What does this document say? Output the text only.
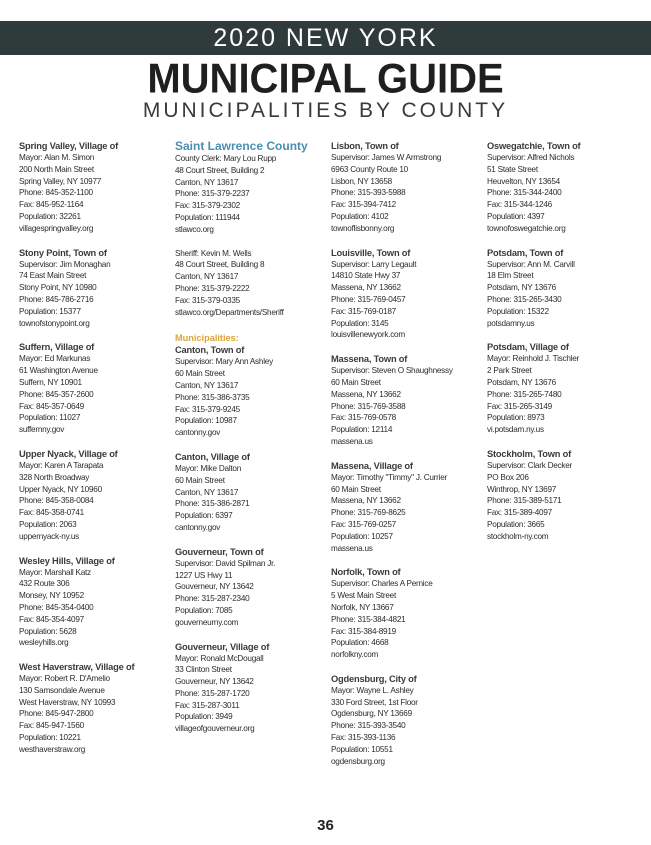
2020 NEW YORK
MUNICIPAL GUIDE
MUNICIPALITIES BY COUNTY
Spring Valley, Village of
Mayor: Alan M. Simon
200 North Main Street
Spring Valley, NY 10977
Phone: 845-352-1100
Fax: 845-952-1164
Population: 32261
villagespringvalley.org
Stony Point, Town of
Supervisor: Jim Monaghan
74 East Main Street
Stony Point, NY 10980
Phone: 845-786-2716
Population: 15377
townofstonypoint.org
Suffern, Village of
Mayor: Ed Markunas
61 Washington Avenue
Suffern, NY 10901
Phone: 845-357-2600
Fax: 845-357-0649
Population: 11027
suffernny.gov
Upper Nyack, Village of
Mayor: Karen A Tarapata
328 North Broadway
Upper Nyack, NY 10960
Phone: 845-358-0084
Fax: 845-358-0741
Population: 2063
uppernyack-ny.us
Wesley Hills, Village of
Mayor: Marshall Katz
432 Route 306
Monsey, NY 10952
Phone: 845-354-0400
Fax: 845-354-4097
Population: 5628
wesleyhills.org
West Haverstraw, Village of
Mayor: Robert R. D'Amelio
130 Samsondale Avenue
West Haverstraw, NY 10993
Phone: 845-947-2800
Fax: 845-947-1560
Population: 10221
westhaverstraw.org
Saint Lawrence County
County Clerk: Mary Lou Rupp
48 Court Street, Building 2
Canton, NY 13617
Phone: 315-379-2237
Fax: 315-379-2302
Population: 111944
stlawco.org
Sheriff: Kevin M. Wells
48 Court Street, Building 8
Canton, NY 13617
Phone: 315-379-2222
Fax: 315-379-0335
stlawco.org/Departments/Sheriff
Municipalities:
Canton, Town of
Supervisor: Mary Ann Ashley
60 Main Street
Canton, NY 13617
Phone: 315-386-3735
Fax: 315-379-9245
Population: 10987
cantonny.gov
Canton, Village of
Mayor: Mike Dalton
60 Main Street
Canton, NY 13617
Phone: 315-386-2871
Population: 6397
cantonny.gov
Gouverneur, Town of
Supervisor: David Spilman Jr.
1227 US Hwy 11
Gouverneur, NY 13642
Phone: 315-287-2340
Population: 7085
gouverneurny.com
Gouverneur, Village of
Mayor: Ronald McDougall
33 Clinton Street
Gouverneur, NY 13642
Phone: 315-287-1720
Fax: 315-287-3011
Population: 3949
villageofgouverneur.org
Lisbon, Town of
Supervisor: James W Armstrong
6963 County Route 10
Lisbon, NY 13658
Phone: 315-393-5988
Fax: 315-394-7412
Population: 4102
townoflisbonny.org
Louisville, Town of
Supervisor: Larry Legault
14810 State Hwy 37
Massena, NY 13662
Phone: 315-769-0457
Fax: 315-769-0187
Population: 3145
louisvillenewyork.com
Massena, Town of
Supervisor: Steven O Shaughnessy
60 Main Street
Massena, NY 13662
Phone: 315-769-3588
Fax: 315-769-0578
Population: 12114
massena.us
Massena, Village of
Mayor: Timothy "Timmy" J. Currier
60 Main Street
Massena, NY 13662
Phone: 315-769-8625
Fax: 315-769-0257
Population: 10257
massena.us
Norfolk, Town of
Supervisor: Charles A Pernice
5 West Main Street
Norfolk, NY 13667
Phone: 315-384-4821
Fax: 315-384-8919
Population: 4668
norfolkny.com
Ogdensburg, City of
Mayor: Wayne L. Ashley
330 Ford Street, 1st Floor
Ogdensburg, NY 13669
Phone: 315-393-3540
Fax: 315-393-1136
Population: 10551
ogdensburg.org
Oswegatchie, Town of
Supervisor: Alfred Nichols
51 State Street
Heuvelton, NY 13654
Phone: 315-344-2400
Fax: 315-344-1246
Population: 4397
townofoswegatchie.org
Potsdam, Town of
Supervisor: Ann M. Carvill
18 Elm Street
Potsdam, NY 13676
Phone: 315-265-3430
Population: 15322
potsdamny.us
Potsdam, Village of
Mayor: Reinhold J. Tischler
2 Park Street
Potsdam, NY 13676
Phone: 315-265-7480
Fax: 315-265-3149
Population: 8973
vi.potsdam.ny.us
Stockholm, Town of
Supervisor: Clark Decker
PO Box 206
Winthrop, NY 13697
Phone: 315-389-5171
Fax: 315-389-4097
Population: 3665
stockholm-ny.com
36
